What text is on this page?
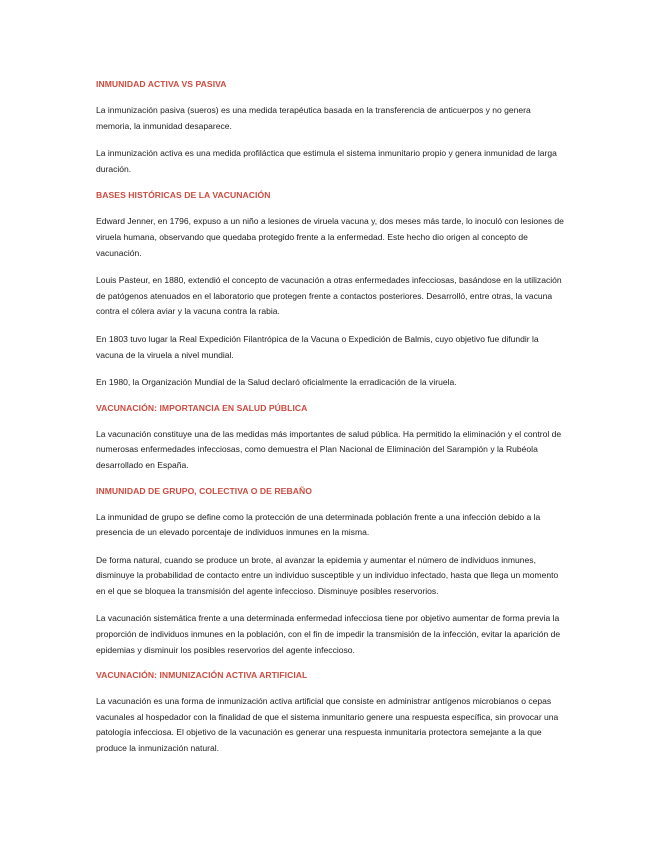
INMUNIDAD ACTIVA VS PASIVA

La inmunización pasiva (sueros) es una medida terapéutica basada en la transferencia de anticuerpos y no genera memoria, la inmunidad desaparece.

La inmunización activa es una medida profiláctica que estimula el sistema inmunitario propio y genera inmunidad de larga duración.

BASES HISTÓRICAS DE LA VACUNACIÓN

Edward Jenner, en 1796, expuso a un niño a lesiones de viruela vacuna y, dos meses más tarde, lo inoculó con lesiones de viruela humana, observando que quedaba protegido frente a la enfermedad. Este hecho dio origen al concepto de vacunación.

Louis Pasteur, en 1880, extendió el concepto de vacunación a otras enfermedades infecciosas, basándose en la utilización de patógenos atenuados en el laboratorio que protegen frente a contactos posteriores. Desarrolló, entre otras, la vacuna contra el cólera aviar y la vacuna contra la rabia.

En 1803 tuvo lugar la Real Expedición Filantrópica de la Vacuna o Expedición de Balmis, cuyo objetivo fue difundir la vacuna de la viruela a nivel mundial.

En 1980, la Organización Mundial de la Salud declaró oficialmente la erradicación de la viruela.

VACUNACIÓN: IMPORTANCIA EN SALUD PÚBLICA

La vacunación constituye una de las medidas más importantes de salud pública. Ha permitido la eliminación y el control de numerosas enfermedades infecciosas, como demuestra el Plan Nacional de Eliminación del Sarampión y la Rubéola desarrollado en España.

INMUNIDAD DE GRUPO, COLECTIVA O DE REBAÑO

La inmunidad de grupo se define como la protección de una determinada población frente a una infección debido a la presencia de un elevado porcentaje de individuos inmunes en la misma.

De forma natural, cuando se produce un brote, al avanzar la epidemia y aumentar el número de individuos inmunes, disminuye la probabilidad de contacto entre un individuo susceptible y un individuo infectado, hasta que llega un momento en el que se bloquea la transmisión del agente infeccioso. Disminuye posibles reservorios.

La vacunación sistemática frente a una determinada enfermedad infecciosa tiene por objetivo aumentar de forma previa la proporción de individuos inmunes en la población, con el fin de impedir la transmisión de la infección, evitar la aparición de epidemias y disminuir los posibles reservorios del agente infeccioso.

VACUNACIÓN: INMUNIZACIÓN ACTIVA ARTIFICIAL

La vacunación es una forma de inmunización activa artificial que consiste en administrar antígenos microbianos o cepas vacunales al hospedador con la finalidad de que el sistema inmunitario genere una respuesta específica, sin provocar una patología infecciosa. El objetivo de la vacunación es generar una respuesta inmunitaria protectora semejante a la que produce la inmunización natural.
